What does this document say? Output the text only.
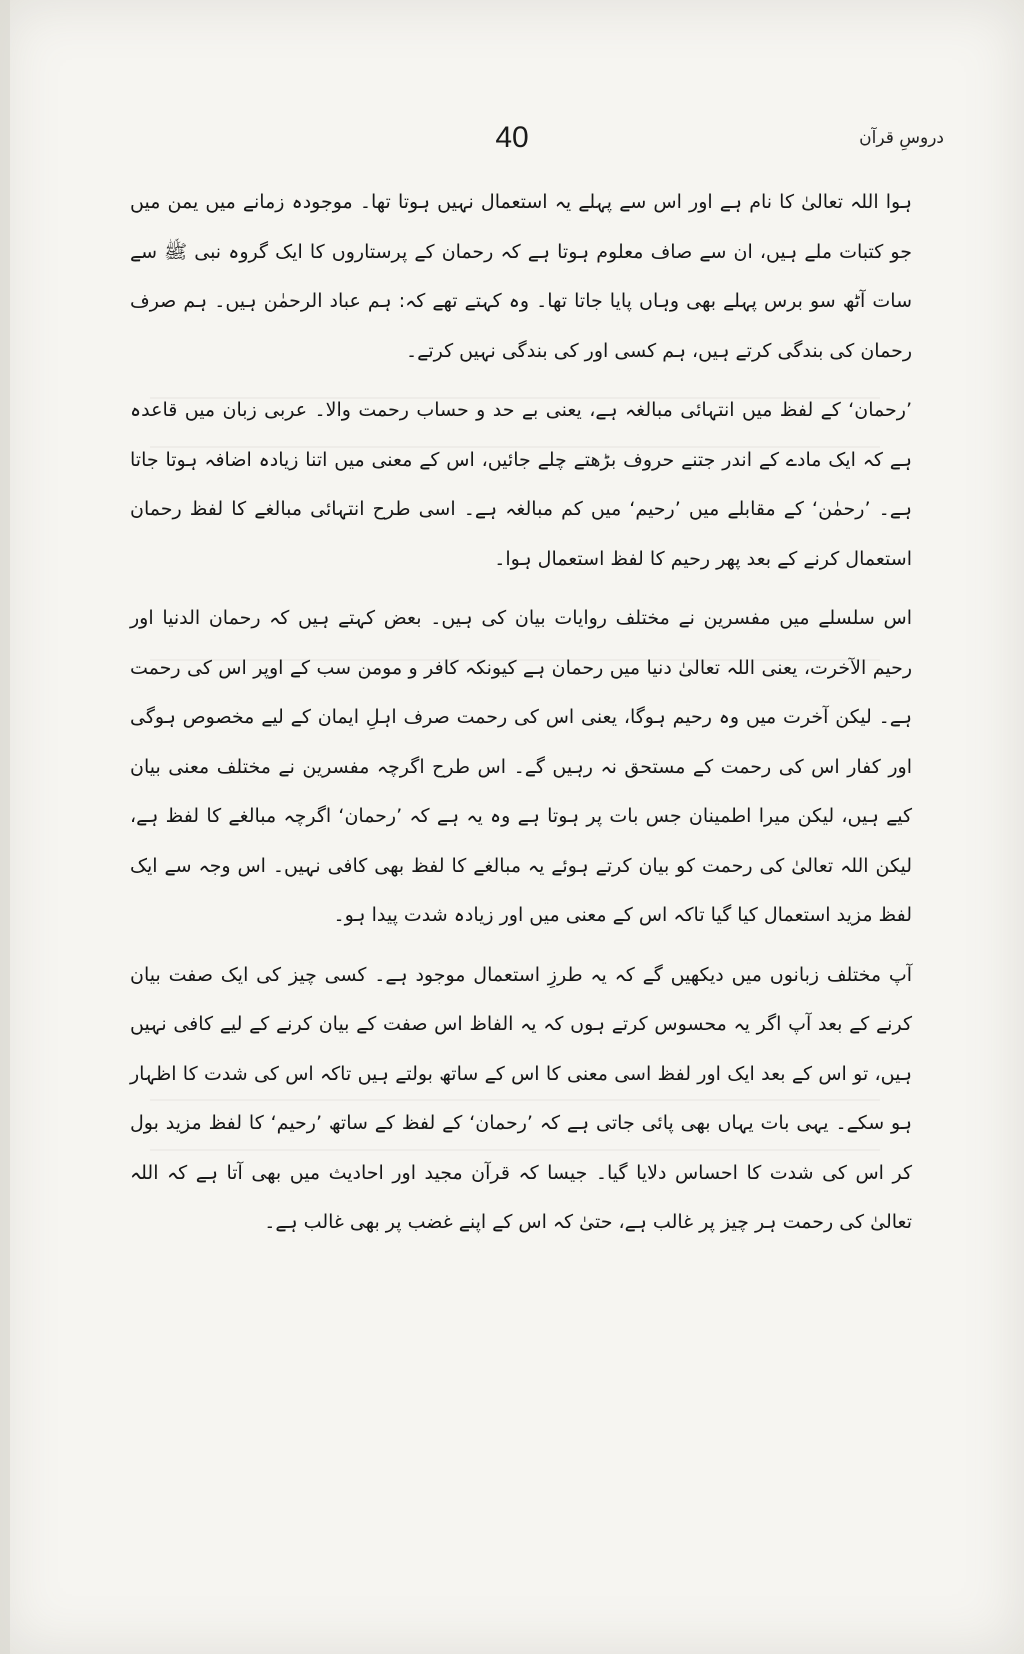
40	دروسِ قرآن

ہوا اللہ تعالیٰ کا نام ہے اور اس سے پہلے یہ استعمال نہیں ہوتا تھا۔ موجودہ زمانے میں یمن میں جو کتبات ملے ہیں، ان سے صاف معلوم ہوتا ہے کہ رحمان کے پرستاروں کا ایک گروہ نبی ﷺ سے سات آٹھ سو برس پہلے بھی وہاں پایا جاتا تھا۔ وہ کہتے تھے کہ: ہم عباد الرحمٰن ہیں۔ ہم صرف رحمان کی بندگی کرتے ہیں، ہم کسی اور کی بندگی نہیں کرتے۔

’رحمان‘ کے لفظ میں انتہائی مبالغہ ہے، یعنی بے حد و حساب رحمت والا۔ عربی زبان میں قاعدہ ہے کہ ایک مادے کے اندر جتنے حروف بڑھتے چلے جائیں، اس کے معنی میں اتنا زیادہ اضافہ ہوتا جاتا ہے۔ ’رحمٰن‘ کے مقابلے میں ’رحیم‘ میں کم مبالغہ ہے۔ اسی طرح انتہائی مبالغے کا لفظ رحمان استعمال کرنے کے بعد پھر رحیم کا لفظ استعمال ہوا۔

اس سلسلے میں مفسرین نے مختلف روایات بیان کی ہیں۔ بعض کہتے ہیں کہ رحمان الدنیا اور رحیم الآخرت، یعنی اللہ تعالیٰ دنیا میں رحمان ہے کیونکہ کافر و مومن سب کے اوپر اس کی رحمت ہے۔ لیکن آخرت میں وہ رحیم ہوگا، یعنی اس کی رحمت صرف اہلِ ایمان کے لیے مخصوص ہوگی اور کفار اس کی رحمت کے مستحق نہ رہیں گے۔ اس طرح اگرچہ مفسرین نے مختلف معنی بیان کیے ہیں، لیکن میرا اطمینان جس بات پر ہوتا ہے وہ یہ ہے کہ ’رحمان‘ اگرچہ مبالغے کا لفظ ہے، لیکن اللہ تعالیٰ کی رحمت کو بیان کرتے ہوئے یہ مبالغے کا لفظ بھی کافی نہیں۔ اس وجہ سے ایک لفظ مزید استعمال کیا گیا تاکہ اس کے معنی میں اور زیادہ شدت پیدا ہو۔

آپ مختلف زبانوں میں دیکھیں گے کہ یہ طرزِ استعمال موجود ہے۔ کسی چیز کی ایک صفت بیان کرنے کے بعد آپ اگر یہ محسوس کرتے ہوں کہ یہ الفاظ اس صفت کے بیان کرنے کے لیے کافی نہیں ہیں، تو اس کے بعد ایک اور لفظ اسی معنی کا اس کے ساتھ بولتے ہیں تاکہ اس کی شدت کا اظہار ہو سکے۔ یہی بات یہاں بھی پائی جاتی ہے کہ ’رحمان‘ کے لفظ کے ساتھ ’رحیم‘ کا لفظ مزید بول کر اس کی شدت کا احساس دلایا گیا۔ جیسا کہ قرآن مجید اور احادیث میں بھی آتا ہے کہ اللہ تعالیٰ کی رحمت ہر چیز پر غالب ہے، حتیٰ کہ اس کے اپنے غضب پر بھی غالب ہے۔
